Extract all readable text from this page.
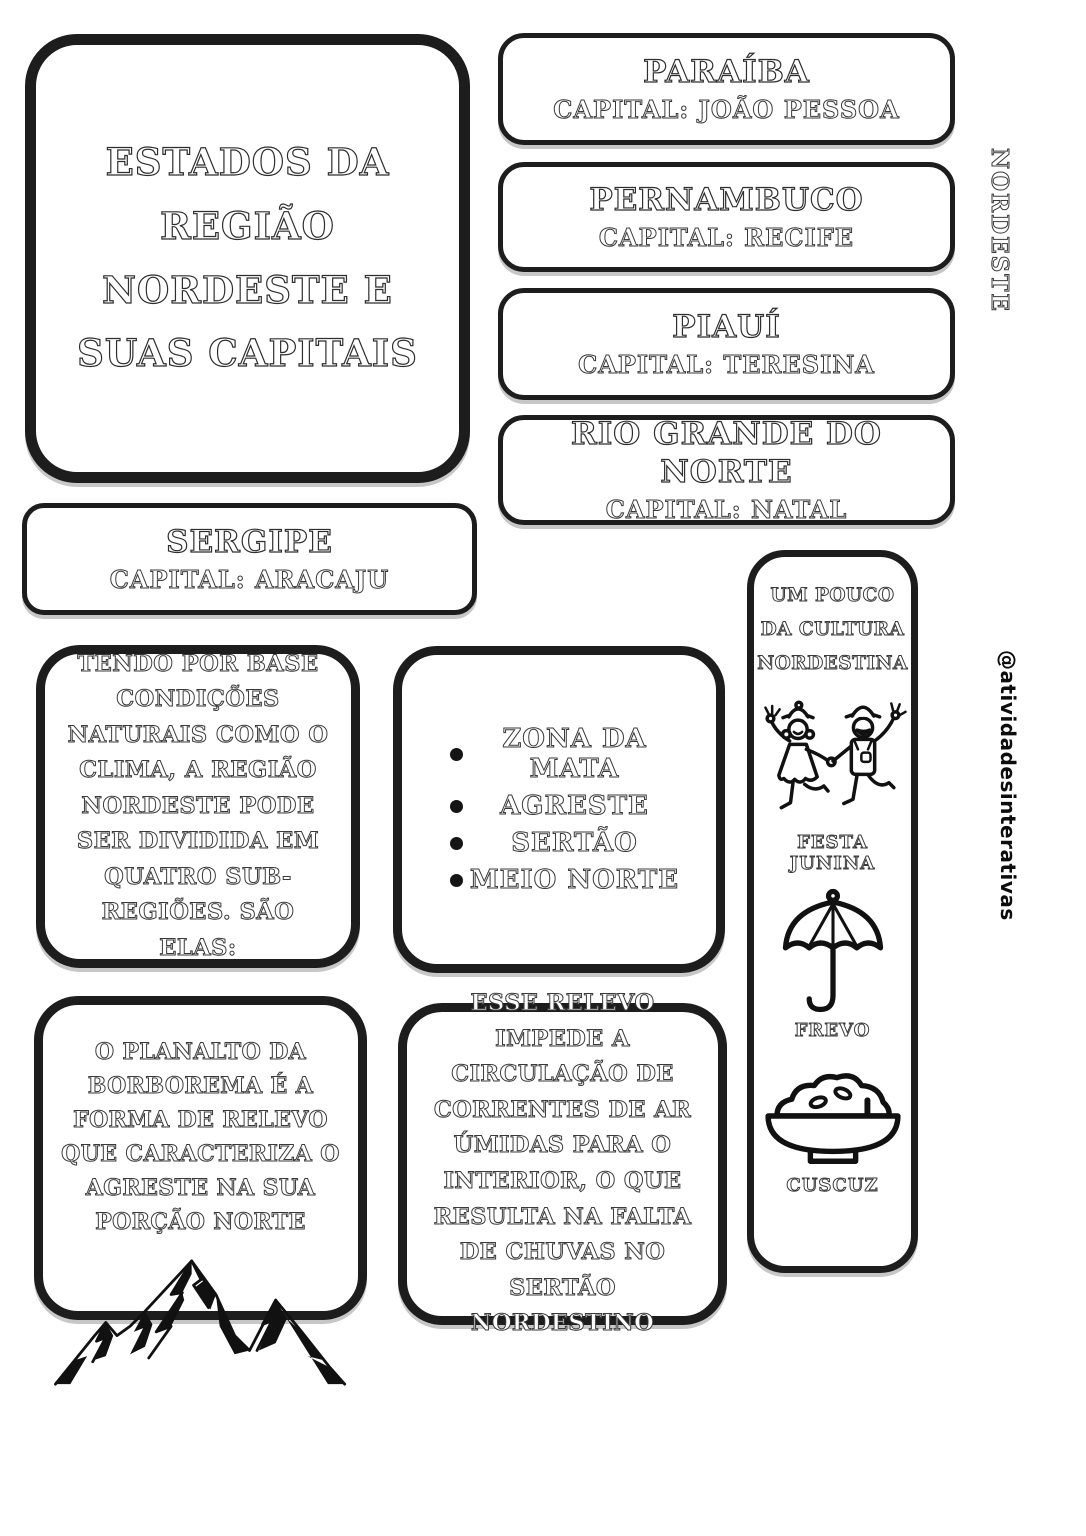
ESTADOS DA REGIÃO NORDESTE E SUAS CAPITAIS
PARAÍBA
CAPITAL: JOÃO PESSOA
PERNAMBUCO
CAPITAL: RECIFE
PIAUÍ
CAPITAL: TERESINA
RIO GRANDE DO NORTE
CAPITAL: NATAL
SERGIPE
CAPITAL: ARACAJU
TENDO POR BASE CONDIÇÕES NATURAIS COMO O CLIMA, A REGIÃO NORDESTE PODE SER DIVIDIDA EM QUATRO SUB-REGIÕES. SÃO ELAS:
ZONA DA MATA
AGRESTE
SERTÃO
MEIO NORTE
UM POUCO DA CULTURA NORDESTINA
FESTA JUNINA
FREVO
CUSCUZ
O PLANALTO DA BORBOREMA É A FORMA DE RELEVO QUE CARACTERIZA O AGRESTE NA SUA PORÇÃO NORTE
ESSE RELEVO IMPEDE A CIRCULAÇÃO DE CORRENTES DE AR ÚMIDAS PARA O INTERIOR, O QUE RESULTA NA FALTA DE CHUVAS NO SERTÃO NORDESTINO
NORDESTE
@atividadesinterativas
